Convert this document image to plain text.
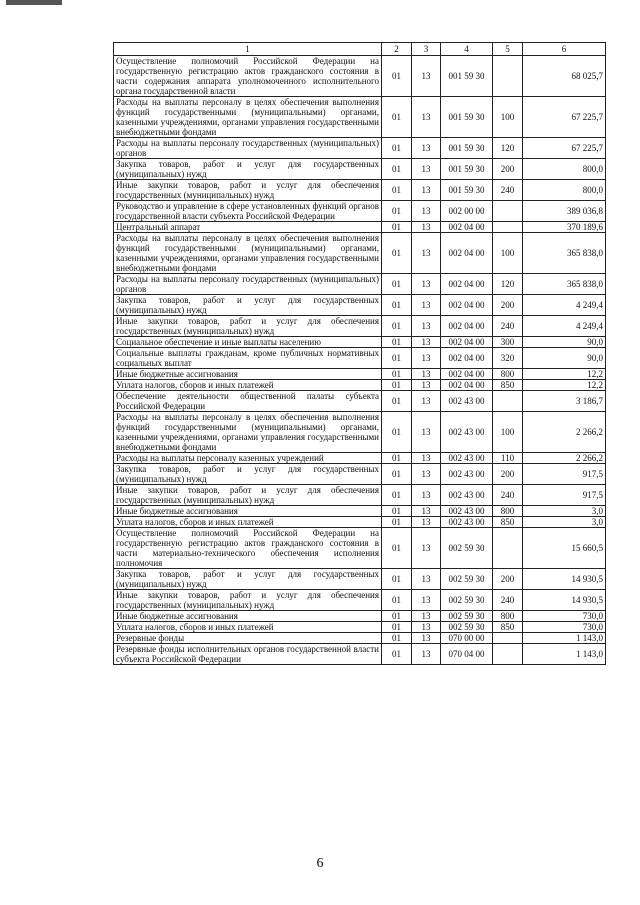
1	2	3	4	5	6
Осуществление полномочий Российской Федерации на государственную регистрацию актов гражданского состояния в части содержания аппарата уполномоченного исполнительного органа государственной власти	01	13	001 59 30		68 025,7
Расходы на выплаты персоналу в целях обеспечения выполнения функций государственными (муниципальными) органами, казенными учреждениями, органами управления государственными внебюджетными фондами	01	13	001 59 30	100	67 225,7
Расходы на выплаты персоналу государственных (муниципальных) органов	01	13	001 59 30	120	67 225,7
Закупка товаров, работ и услуг для государственных (муниципальных) нужд	01	13	001 59 30	200	800,0
Иные закупки товаров, работ и услуг для обеспечения государственных (муниципальных) нужд	01	13	001 59 30	240	800,0
Руководство и управление в сфере установленных функций органов государственной власти субъекта Российской Федерации	01	13	002 00 00		389 036,8
Центральный аппарат	01	13	002 04 00		370 189,6
Расходы на выплаты персоналу в целях обеспечения выполнения функций государственными (муниципальными) органами, казенными учреждениями, органами управления государственными внебюджетными фондами	01	13	002 04 00	100	365 838,0
Расходы на выплаты персоналу государственных (муниципальных) органов	01	13	002 04 00	120	365 838,0
Закупка товаров, работ и услуг для государственных (муниципальных) нужд	01	13	002 04 00	200	4 249,4
Иные закупки товаров, работ и услуг для обеспечения государственных (муниципальных) нужд	01	13	002 04 00	240	4 249,4
Социальное обеспечение и иные выплаты населению	01	13	002 04 00	300	90,0
Социальные выплаты гражданам, кроме публичных нормативных социальных выплат	01	13	002 04 00	320	90,0
Иные бюджетные ассигнования	01	13	002 04 00	800	12,2
Уплата налогов, сборов и иных платежей	01	13	002 04 00	850	12,2
Обеспечение деятельности общественной палаты субъекта Российской Федерации	01	13	002 43 00		3 186,7
Расходы на выплаты персоналу в целях обеспечения выполнения функций государственными (муниципальными) органами, казенными учреждениями, органами управления государственными внебюджетными фондами	01	13	002 43 00	100	2 266,2
Расходы на выплаты персоналу казенных учреждений	01	13	002 43 00	110	2 266,2
Закупка товаров, работ и услуг для государственных (муниципальных) нужд	01	13	002 43 00	200	917,5
Иные закупки товаров, работ и услуг для обеспечения государственных (муниципальных) нужд	01	13	002 43 00	240	917,5
Иные бюджетные ассигнования	01	13	002 43 00	800	3,0
Уплата налогов, сборов и иных платежей	01	13	002 43 00	850	3,0
Осуществление полномочий Российской Федерации на государственную регистрацию актов гражданского состояния в части материально-технического обеспечения исполнения полномочия	01	13	002 59 30		15 660,5
Закупка товаров, работ и услуг для государственных (муниципальных) нужд	01	13	002 59 30	200	14 930,5
Иные закупки товаров, работ и услуг для обеспечения государственных (муниципальных) нужд	01	13	002 59 30	240	14 930,5
Иные бюджетные ассигнования	01	13	002 59 30	800	730,0
Уплата налогов, сборов и иных платежей	01	13	002 59 30	850	730,0
Резервные фонды	01	13	070 00 00		1 143,0
Резервные фонды исполнительных органов государственной власти субъекта Российской Федерации	01	13	070 04 00		1 143,0
6
